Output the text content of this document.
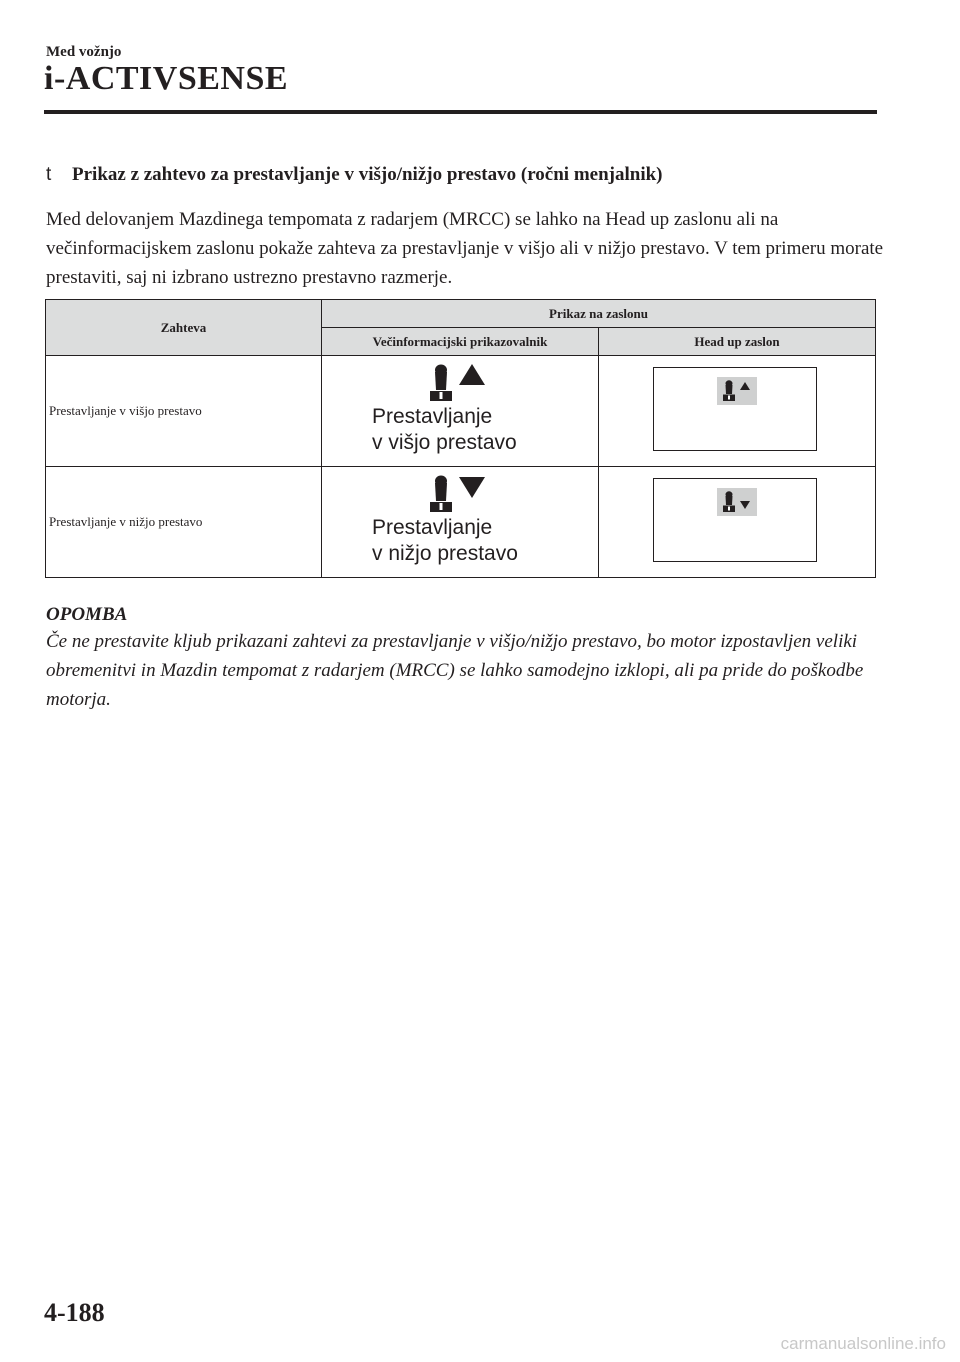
Med vožnjo
i-ACTIVSENSE
t Prikaz z zahtevo za prestavljanje v višjo/nižjo prestavo (ročni menjalnik)

Med delovanjem Mazdinega tempomata z radarjem (MRCC) se lahko na Head up zaslonu ali na večinformacijskem zaslonu pokaže zahteva za prestavljanje v višjo ali v nižjo prestavo. V tem primeru morate prestaviti, saj ni izbrano ustrezno prestavno razmerje.

Zahteva	Prikaz na zaslonu	
	Večinformacijski prikazovalnik	Head up zaslon
Prestavljanje v višjo prestavo	Prestavljanje
v višjo prestavo

Prestavljanje v nižjo prestavo	Prestavljanje
v nižjo prestavo

OPOMBA

Če ne prestavite kljub prikazani zahtevi za prestavljanje v višjo/nižjo prestavo, bo motor izpostavljen veliki obremenitvi in Mazdin tempomat z radarjem (MRCC) se lahko samodejno izklopi, ali pa pride do poškodbe motorja.

4-188
carmanualsonline.info
